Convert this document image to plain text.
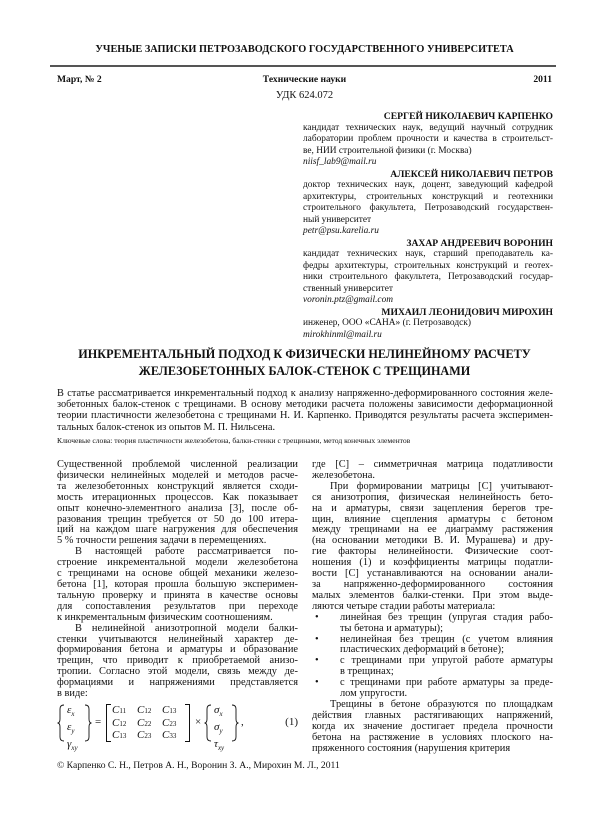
УЧЕНЫЕ ЗАПИСКИ ПЕТРОЗАВОДСКОГО ГОСУДАРСТВЕННОГО УНИВЕРСИТЕТА
Март, № 2	Технические науки	2011
УДК 624.072
СЕРГЕЙ НИКОЛАЕВИЧ КАРПЕНКО
кандидат технических наук, ведущий научный сотрудник
лаборатории проблем прочности и качества в строительст-
ве, НИИ строительной физики (г. Москва)
niisf_lab9@mail.ru
АЛЕКСЕЙ НИКОЛАЕВИЧ ПЕТРОВ
доктор технических наук, доцент, заведующий кафедрой
архитектуры, строительных конструкций и геотехники
строительного факультета, Петрозаводский государствен-
ный университет
petr@psu.karelia.ru
ЗАХАР АНДРЕЕВИЧ ВОРОНИН
кандидат технических наук, старший преподаватель ка-
федры архитектуры, строительных конструкций и геотех-
ники строительного факультета, Петрозаводский государ-
ственный университет
voronin.ptz@gmail.com
МИХАИЛ ЛЕОНИДОВИЧ МИРОХИН
инженер, ООО «САНА» (г. Петрозаводск)
mirokhinml@mail.ru
ИНКРЕМЕНТАЛЬНЫЙ ПОДХОД К ФИЗИЧЕСКИ НЕЛИНЕЙНОМУ РАСЧЕТУ
ЖЕЛЕЗОБЕТОННЫХ БАЛОК-СТЕНОК С ТРЕЩИНАМИ
В статье рассматривается инкрементальный подход к анализу напряженно-деформированного состояния желе-
зобетонных балок-стенок с трещинами. В основу методики расчета положены зависимости деформационной
теории пластичности железобетона с трещинами Н. И. Карпенко. Приводятся результаты расчета эксперимен-
тальных балок-стенок из опытов М. П. Нильсена.
Ключевые слова: теория пластичности железобетона, балки-стенки с трещинами, метод конечных элементов
Существенной проблемой численной реализации
физически нелинейных моделей и методов расче-
та железобетонных конструкций является сходи-
мость итерационных процессов. Как показывает
опыт конечно-элементного анализа [3], после об-
разования трещин требуется от 50 до 100 итера-
ций на каждом шаге нагружения для обеспечения
5 % точности решения задачи в перемещениях.
В настоящей работе рассматривается по-
строение инкрементальной модели железобетона
с трещинами на основе общей механики железо-
бетона [1], которая прошла большую эксперимен-
тальную проверку и принята в качестве основы
для сопоставления результатов при переходе
к инкрементальным физическим соотношениям.
В нелинейной анизотропной модели балки-
стенки учитываются нелинейный характер де-
формирования бетона и арматуры и образование
трещин, что приводит к приобретаемой анизо-
тропии. Согласно этой модели, связь между де-
формациями и напряжениями представляется
в виде:
$\varepsilon_x$
$\varepsilon_y$
$\gamma_{xy}$
=
C11 C12 C13
C12 C22 C23
C13 C23 C33
×
$\sigma_x$
$\sigma_y$
$\tau_{xy}$
,	(1)
где [C] – симметричная матрица податливости
железобетона.
При формировании матрицы [C] учитывают-
ся анизотропия, физическая нелинейность бето-
на и арматуры, связи зацепления берегов тре-
щин, влияние сцепления арматуры с бетоном
между трещинами на ее диаграмму растяжения
(на основании методики В. И. Мурашева) и дру-
гие факторы нелинейности. Физические соот-
ношения (1) и коэффициенты матрицы податли-
вости [C] устанавливаются на основании анали-
за напряженно-деформированного состояния
малых элементов балки-стенки. При этом выде-
ляются четыре стадии работы материала:
• линейная без трещин (упругая стадия рабо-
ты бетона и арматуры);
• нелинейная без трещин (с учетом влияния
пластических деформаций в бетоне);
• с трещинами при упругой работе арматуры
в трещинах;
• с трещинами при работе арматуры за преде-
лом упругости.
Трещины в бетоне образуются по площадкам
действия главных растягивающих напряжений,
когда их значение достигает предела прочности
бетона на растяжение в условиях плоского на-
пряженного состояния (нарушения критерия
© Карпенко С. Н., Петров А. Н., Воронин З. А., Мирохин М. Л., 2011
